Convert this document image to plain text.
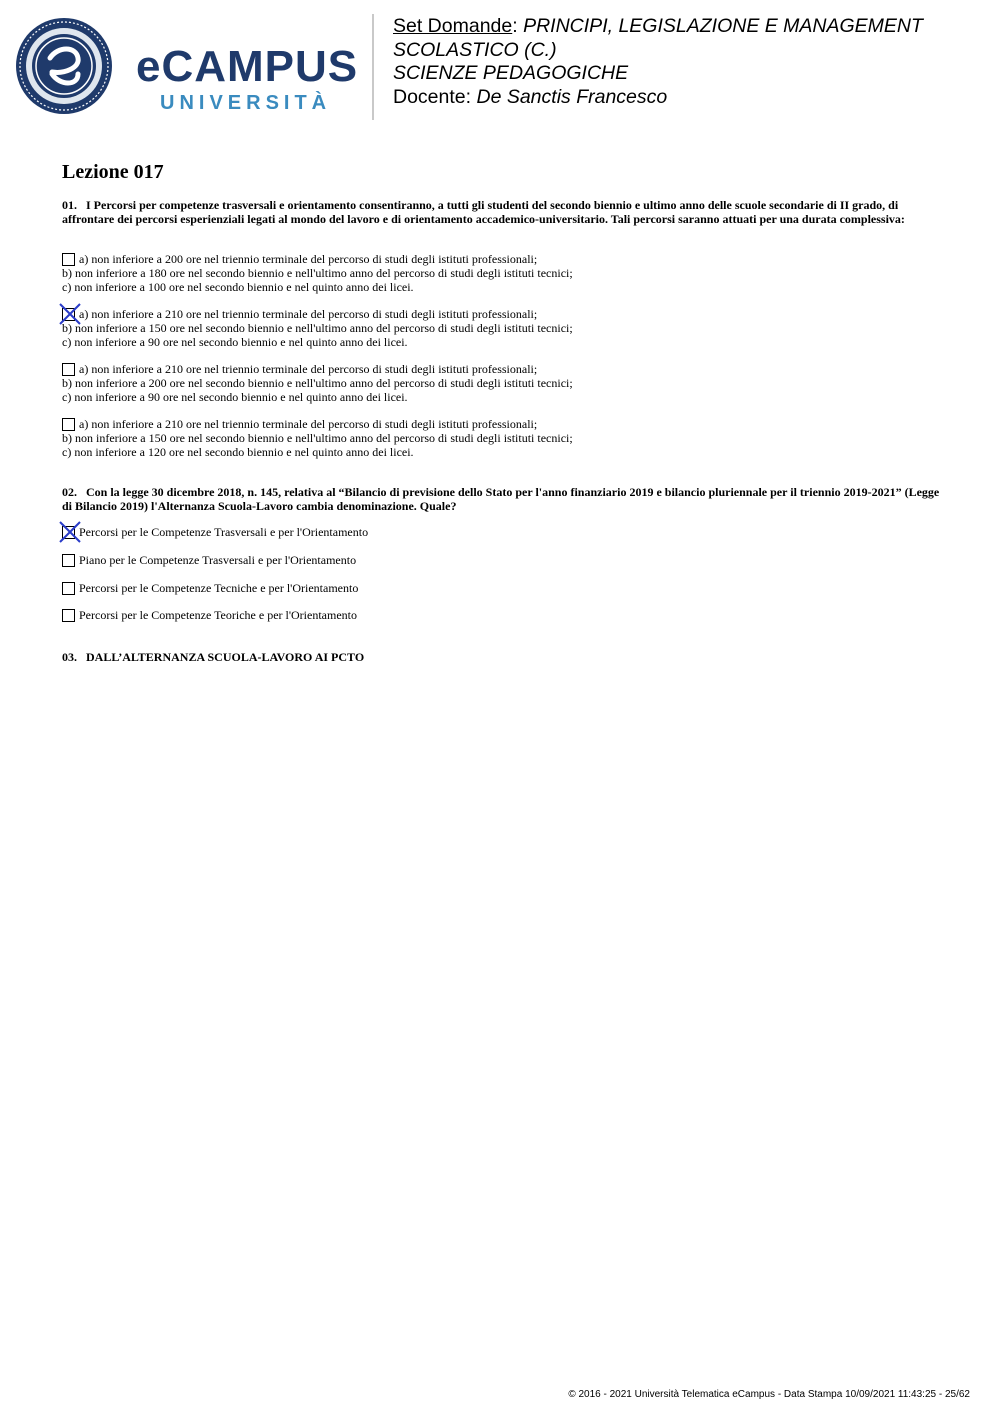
eCAMPUS
UNIVERSITÀ
Set Domande: PRINCIPI, LEGISLAZIONE E MANAGEMENT
SCOLASTICO (C.)
SCIENZE PEDAGOGICHE
Docente: De Sanctis Francesco
Lezione 017
01. I Percorsi per competenze trasversali e orientamento consentiranno, a tutti gli studenti del secondo biennio e ultimo anno delle scuole secondarie di II grado, di affrontare dei percorsi esperienziali legati al mondo del lavoro e di orientamento accademico-universitario. Tali percorsi saranno attuati per una durata complessiva:
a) non inferiore a 200 ore nel triennio terminale del percorso di studi degli istituti professionali;
b) non inferiore a 180 ore nel secondo biennio e nell'ultimo anno del percorso di studi degli istituti tecnici;
c) non inferiore a 100 ore nel secondo biennio e nel quinto anno dei licei.
a) non inferiore a 210 ore nel triennio terminale del percorso di studi degli istituti professionali;
b) non inferiore a 150 ore nel secondo biennio e nell'ultimo anno del percorso di studi degli istituti tecnici;
c) non inferiore a 90 ore nel secondo biennio e nel quinto anno dei licei.
a) non inferiore a 210 ore nel triennio terminale del percorso di studi degli istituti professionali;
b) non inferiore a 200 ore nel secondo biennio e nell'ultimo anno del percorso di studi degli istituti tecnici;
c) non inferiore a 90 ore nel secondo biennio e nel quinto anno dei licei.
a) non inferiore a 210 ore nel triennio terminale del percorso di studi degli istituti professionali;
b) non inferiore a 150 ore nel secondo biennio e nell'ultimo anno del percorso di studi degli istituti tecnici;
c) non inferiore a 120 ore nel secondo biennio e nel quinto anno dei licei.
02. Con la legge 30 dicembre 2018, n. 145, relativa al “Bilancio di previsione dello Stato per l'anno finanziario 2019 e bilancio pluriennale per il triennio 2019-2021” (Legge di Bilancio 2019) l'Alternanza Scuola-Lavoro cambia denominazione. Quale?
Percorsi per le Competenze Trasversali e per l'Orientamento
Piano per le Competenze Trasversali e per l'Orientamento
Percorsi per le Competenze Tecniche e per l'Orientamento
Percorsi per le Competenze Teoriche e per l'Orientamento
03. DALL’ALTERNANZA SCUOLA-LAVORO AI PCTO
© 2016 - 2021 Università Telematica eCampus - Data Stampa 10/09/2021 11:43:25 - 25/62
